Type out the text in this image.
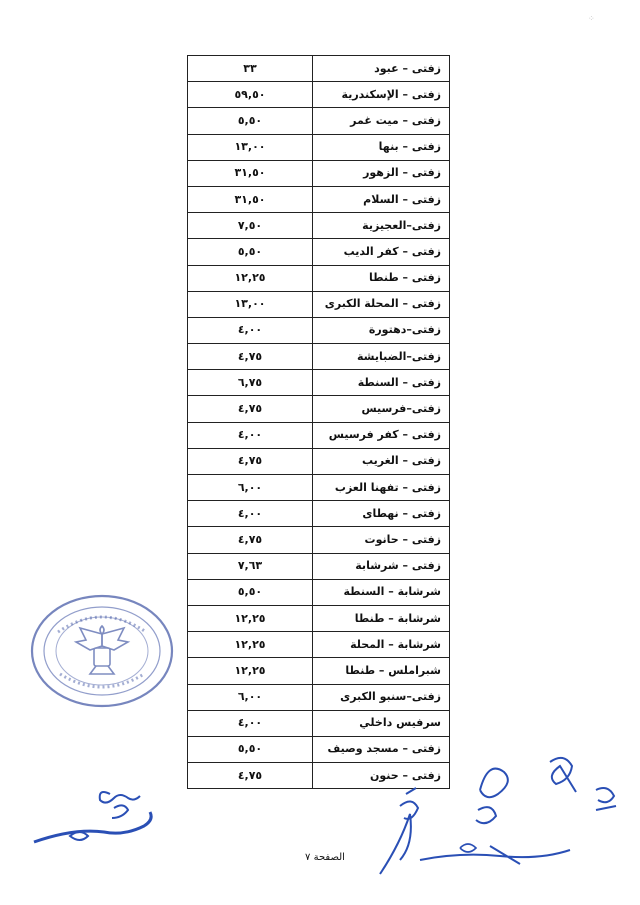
٣٣	زفتى – عبود
٥٩,٥٠	زفتى – الإسكندرية
٥,٥٠	زفتى – ميت غمر
١٣,٠٠	زفتى – بنها
٣١,٥٠	زفتى – الزهور
٣١,٥٠	زفتى – السلام
٧,٥٠	زفتى–العجيزية
٥,٥٠	زفتى – كفر الديب
١٢,٢٥	زفتى – طنطا
١٣,٠٠	زفتى – المحلة الكبرى
٤,٠٠	زفتى–دهتورة
٤,٧٥	زفتى–الضبايشة
٦,٧٥	زفتى – السنطة
٤,٧٥	زفتى–فرسيس
٤,٠٠	زفتى – كفر فرسيس
٤,٧٥	زفتى – الغريب
٦,٠٠	زفتى – تفهنا العزب
٤,٠٠	زفتى – نهطاى
٤,٧٥	زفتى – حانوت
٧,٦٣	زفتى – شرشابة
٥,٥٠	شرشابة – السنطة
١٢,٢٥	شرشابة – طنطا
١٢,٢٥	شرشابة – المحلة
١٢,٢٥	شبراملس – طنطا
٦,٠٠	زفتى–سنبو الكبرى
٤,٠٠	سرفيس داخلي
٥,٥٠	زفتى – مسجد وصيف
٤,٧٥	زفتى – حنون
الصفحة ٧
⁘
